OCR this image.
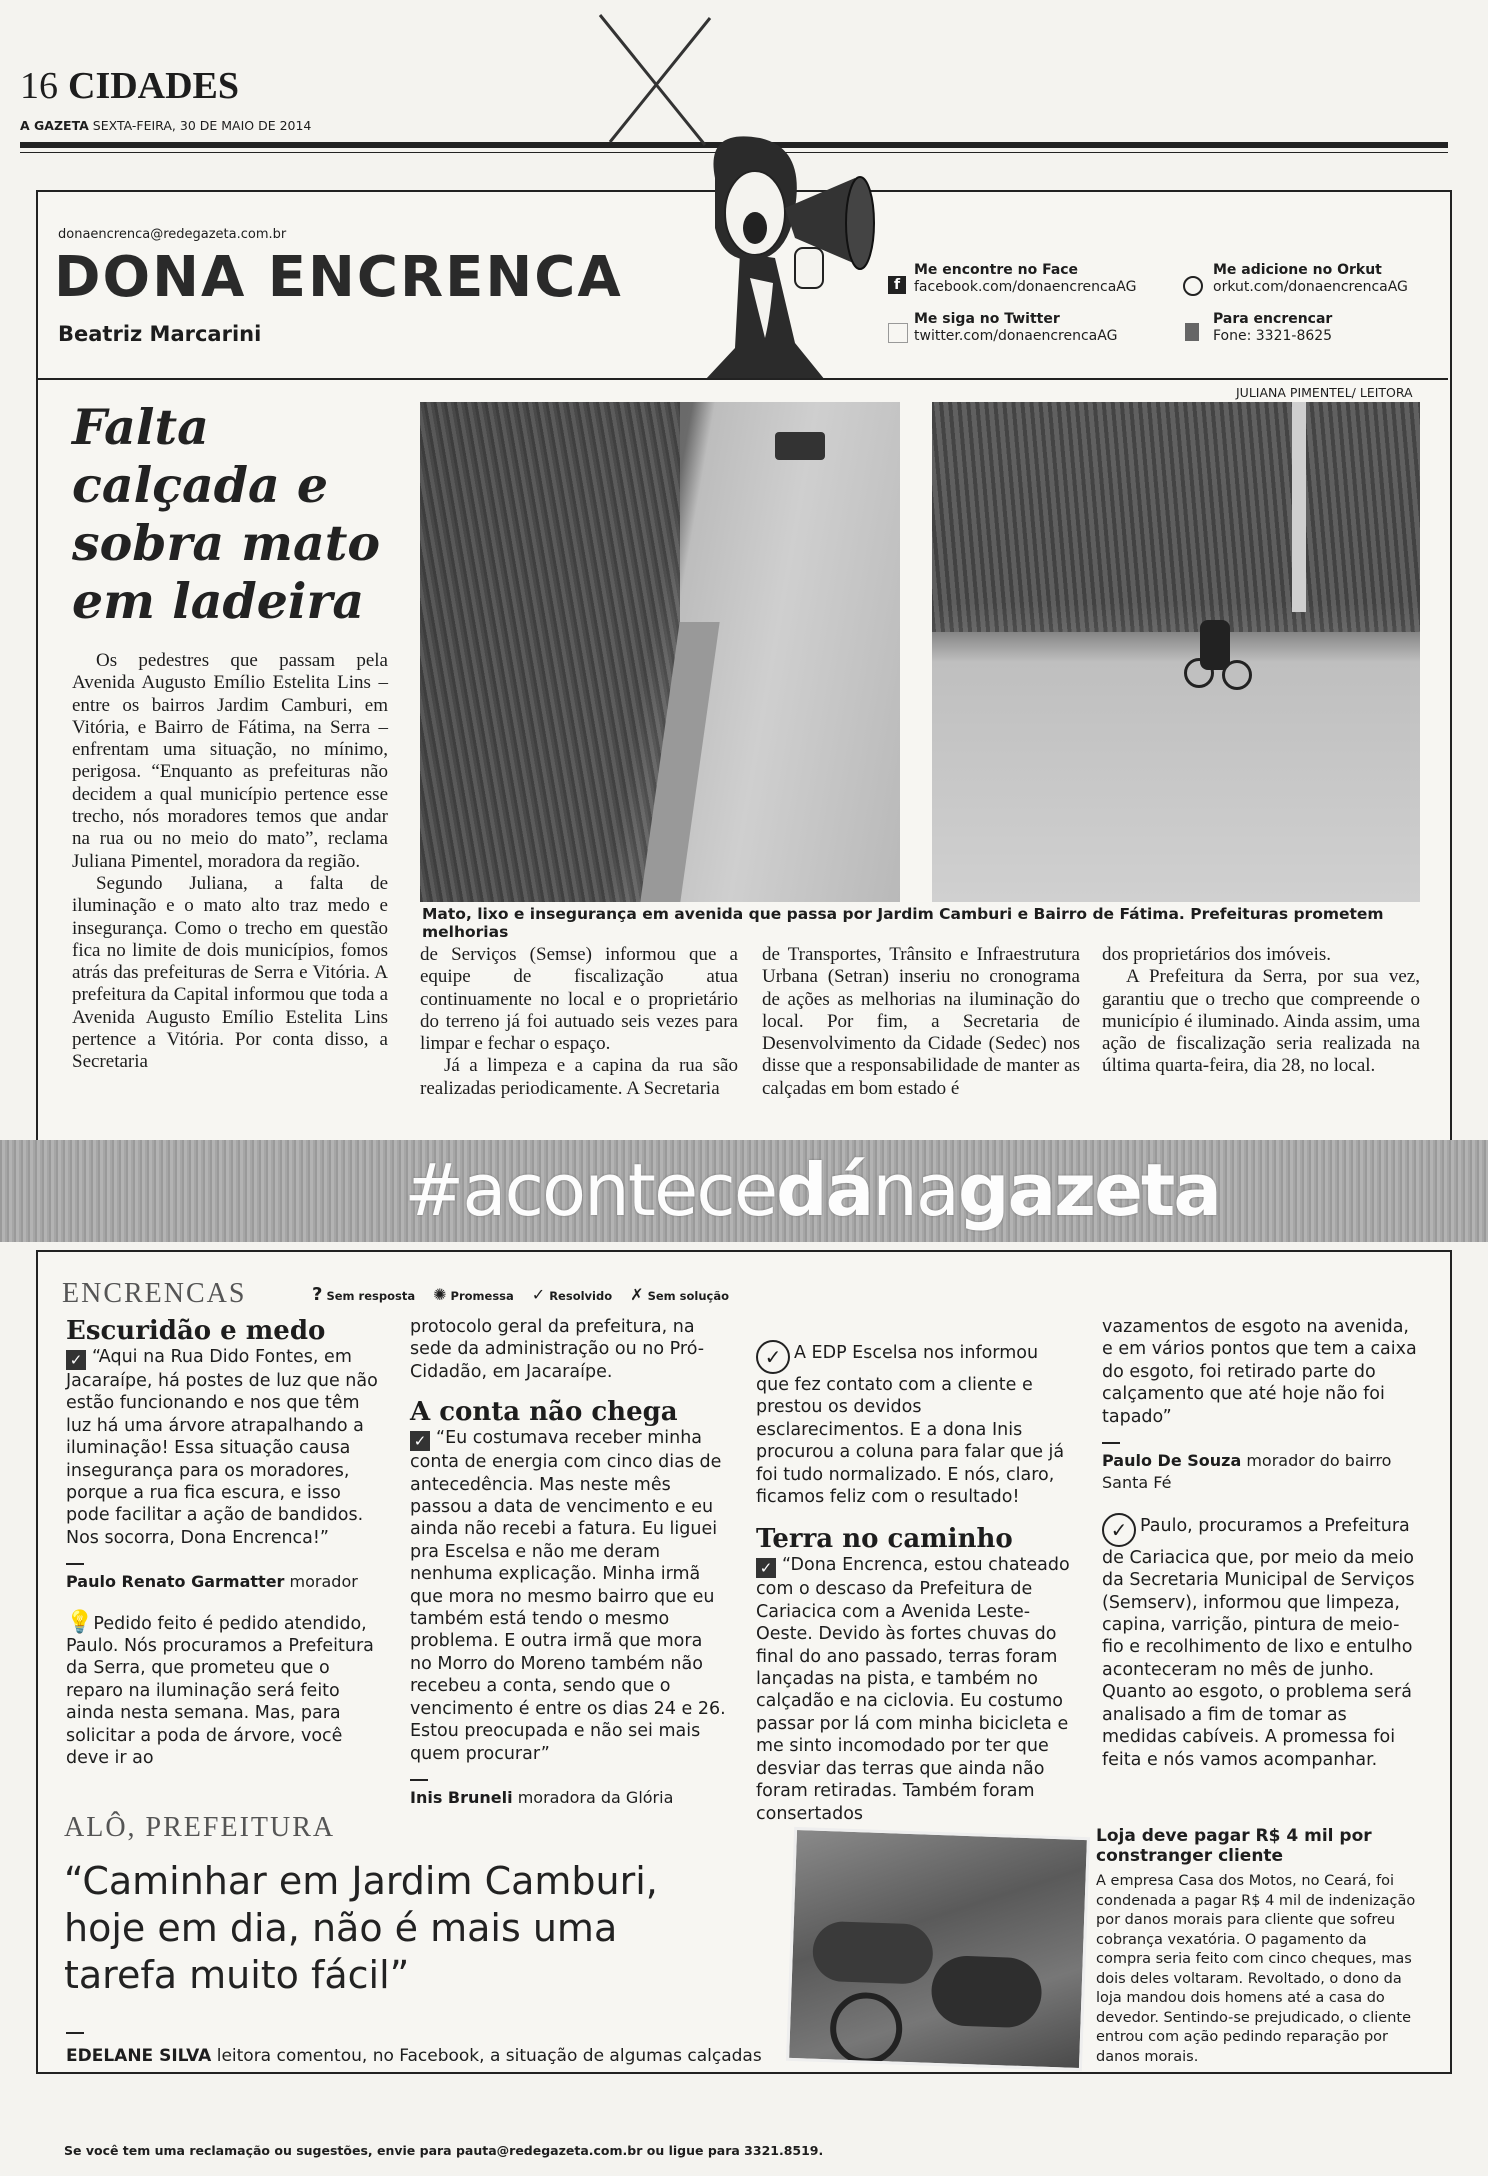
16 CIDADES
A GAZETA SEXTA-FEIRA, 30 DE MAIO DE 2014
donaencrenca@redegazeta.com.br
DONA ENCRENCA
Beatriz Marcarini
f
Me encontre no Face
facebook.com/donaencrencaAG
Me siga no Twitter
twitter.com/donaencrencaAG
Me adicione no Orkut
orkut.com/donaencrencaAG
Para encrencar
Fone: 3321-8625
Falta calçada e sobra mato em ladeira
JULIANA PIMENTEL/ LEITORA
Mato, lixo e insegurança em avenida que passa por Jardim Camburi e Bairro de Fátima. Prefeituras prometem melhorias

Os pedestres que passam pela Avenida Augusto Emílio Estelita Lins – entre os bairros Jardim Camburi, em Vitória, e Bairro de Fátima, na Serra – enfrentam uma situação, no mínimo, perigosa. “Enquanto as prefeituras não decidem a qual município pertence esse trecho, nós moradores temos que andar na rua ou no meio do mato”, reclama Juliana Pimentel, moradora da região.

Segundo Juliana, a falta de iluminação e o mato alto traz medo e insegurança. Como o trecho em questão fica no limite de dois municípios, fomos atrás das prefeituras de Serra e Vitória. A prefeitura da Capital informou que toda a Avenida Augusto Emílio Estelita Lins pertence a Vitória. Por conta disso, a Secretaria

de Serviços (Semse) informou que a equipe de fiscalização atua continuamente no local e o proprietário do terreno já foi autuado seis vezes para limpar e fechar o espaço.

Já a limpeza e a capina da rua são realizadas periodicamente. A Secretaria

de Transportes, Trânsito e Infraestrutura Urbana (Setran) inseriu no cronograma de ações as melhorias na iluminação do local. Por fim, a Secretaria de Desenvolvimento da Cidade (Sedec) nos disse que a responsabilidade de manter as calçadas em bom estado é

dos proprietários dos imóveis.

A Prefeitura da Serra, por sua vez, garantiu que o trecho que compreende o município é iluminado. Ainda assim, uma ação de fiscalização seria realizada na última quarta-feira, dia 28, no local.

#acontecedánagazeta
ENCRENCAS	? Sem resposta ✺ Promessa ✓ Resolvido ✗ Sem solução
Escuridão e medo

✓ “Aqui na Rua Dido Fontes, em Jacaraípe, há postes de luz que não estão funcionando e nos que têm luz há uma árvore atrapalhando a iluminação! Essa situação causa insegurança para os moradores, porque a rua fica escura, e isso pode facilitar a ação de bandidos. Nos socorra, Dona Encrenca!”

Paulo Renato Garmatter morador

💡Pedido feito é pedido atendido, Paulo. Nós procuramos a Prefeitura da Serra, que prometeu que o reparo na iluminação será feito ainda nesta semana. Mas, para solicitar a poda de árvore, você deve ir ao

protocolo geral da prefeitura, na sede da administração ou no Pró-Cidadão, em Jacaraípe.

A conta não chega

✓ “Eu costumava receber minha conta de energia com cinco dias de antecedência. Mas neste mês passou a data de vencimento e eu ainda não recebi a fatura. Eu liguei pra Escelsa e não me deram nenhuma explicação. Minha irmã que mora no mesmo bairro que eu também está tendo o mesmo problema. E outra irmã que mora no Morro do Moreno também não recebeu a conta, sendo que o vencimento é entre os dias 24 e 26. Estou preocupada e não sei mais quem procurar”

Inis Bruneli moradora da Glória

✓ A EDP Escelsa nos informou que fez contato com a cliente e prestou os devidos esclarecimentos. E a dona Inis procurou a coluna para falar que já foi tudo normalizado. E nós, claro, ficamos feliz com o resultado!

Terra no caminho

✓ “Dona Encrenca, estou chateado com o descaso da Prefeitura de Cariacica com a Avenida Leste-Oeste. Devido às fortes chuvas do final do ano passado, terras foram lançadas na pista, e também no calçadão e na ciclovia. Eu costumo passar por lá com minha bicicleta e me sinto incomodado por ter que desviar das terras que ainda não foram retiradas. Também foram consertados

vazamentos de esgoto na avenida, e em vários pontos que tem a caixa do esgoto, foi retirado parte do calçamento que até hoje não foi tapado”

Paulo De Souza morador do bairro Santa Fé

✓ Paulo, procuramos a Prefeitura de Cariacica que, por meio da meio da Secretaria Municipal de Serviços (Semserv), informou que limpeza, capina, varrição, pintura de meio-fio e recolhimento de lixo e entulho aconteceram no mês de junho. Quanto ao esgoto, o problema será analisado a fim de tomar as medidas cabíveis. A promessa foi feita e nós vamos acompanhar.

ALÔ, PREFEITURA
“Caminhar em Jardim Camburi, hoje em dia, não é mais uma tarefa muito fácil”
EDELANE SILVA leitora comentou, no Facebook, a situação de algumas calçadas
Loja deve pagar R$ 4 mil por constranger cliente
A empresa Casa dos Motos, no Ceará, foi condenada a pagar R$ 4 mil de indenização por danos morais para cliente que sofreu cobrança vexatória. O pagamento da compra seria feito com cinco cheques, mas dois deles voltaram. Revoltado, o dono da loja mandou dois homens até a casa do devedor. Sentindo-se prejudicado, o cliente entrou com ação pedindo reparação por danos morais.
Se você tem uma reclamação ou sugestões, envie para pauta@redegazeta.com.br ou ligue para 3321.8519.
